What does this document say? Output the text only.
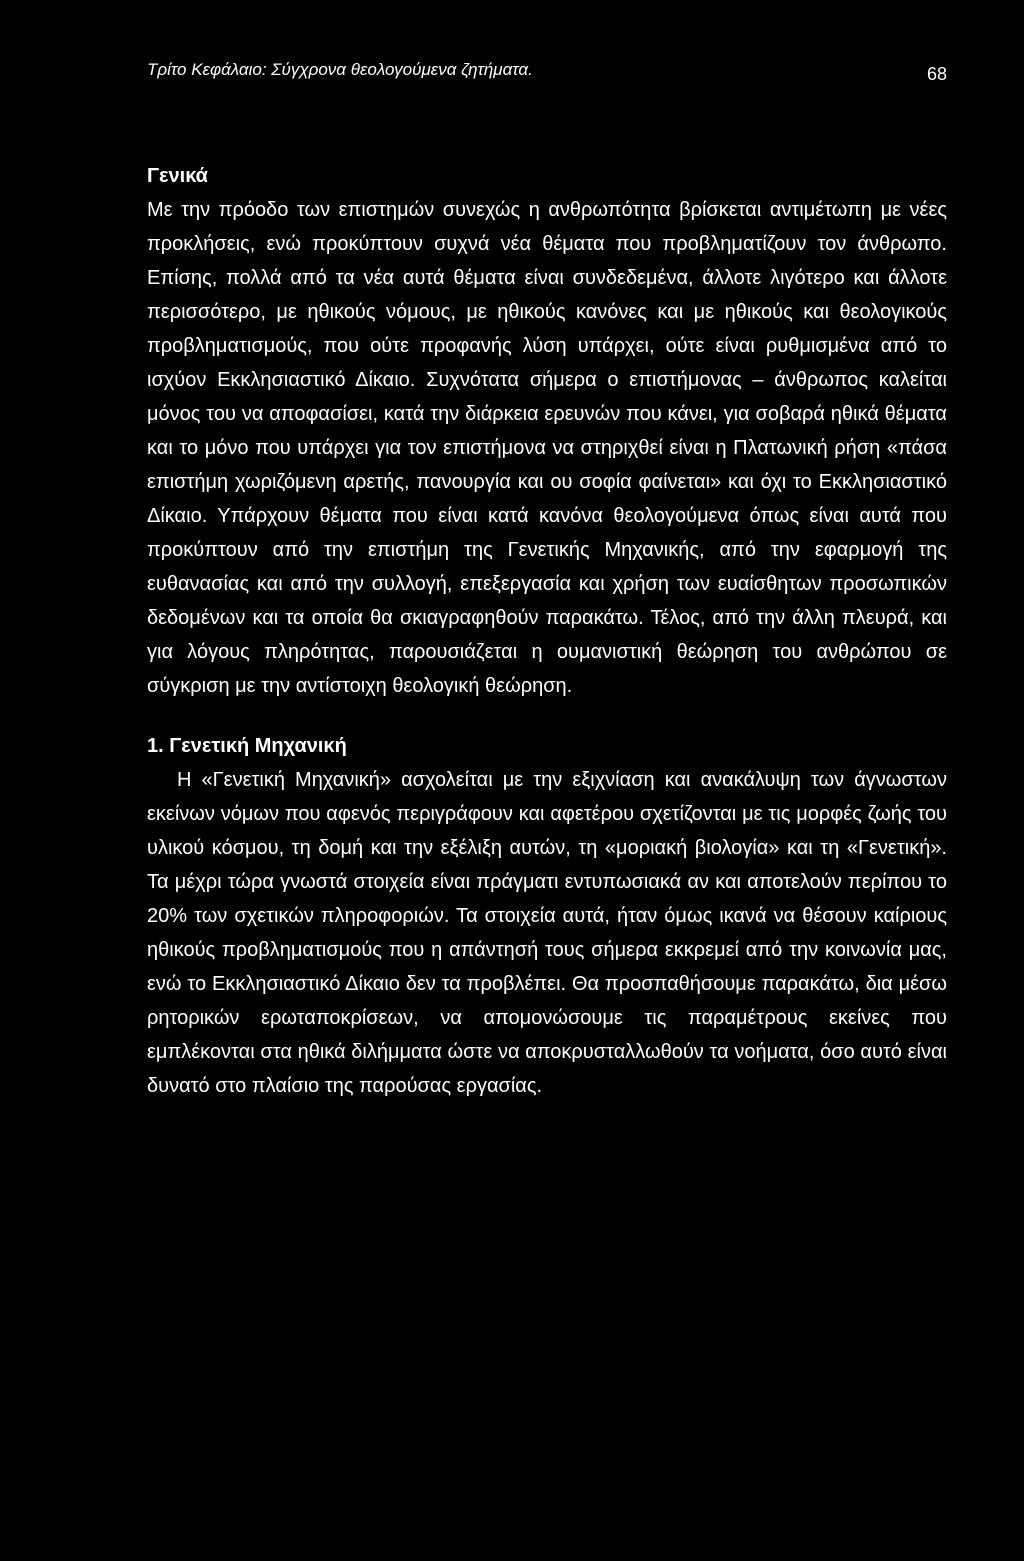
Τρίτο Κεφάλαιο: Σύγχρονα θεολογούμενα ζητήματα.	68
Γενικά

Με την πρόοδο των επιστημών συνεχώς η ανθρωπότητα βρίσκεται αντιμέτωπη με νέες προκλήσεις, ενώ προκύπτουν συχνά νέα θέματα που προβληματίζουν τον άνθρωπο. Επίσης, πολλά από τα νέα αυτά θέματα είναι συνδεδεμένα, άλλοτε λιγότερο και άλλοτε περισσότερο, με ηθικούς νόμους, με ηθικούς κανόνες και με ηθικούς και θεολογικούς προβληματισμούς, που ούτε προφανής λύση υπάρχει, ούτε είναι ρυθμισμένα από το ισχύον Εκκλησιαστικό Δίκαιο. Συχνότατα σήμερα ο επιστήμονας – άνθρωπος καλείται μόνος του να αποφασίσει, κατά την διάρκεια ερευνών που κάνει, για σοβαρά ηθικά θέματα και το μόνο που υπάρχει για τον επιστήμονα να στηριχθεί είναι η Πλατωνική ρήση «πάσα επιστήμη χωριζόμενη αρετής, πανουργία και ου σοφία φαίνεται» και όχι το Εκκλησιαστικό Δίκαιο. Υπάρχουν θέματα που είναι κατά κανόνα θεολογούμενα όπως είναι αυτά που προκύπτουν από την επιστήμη της Γενετικής Μηχανικής, από την εφαρμογή της ευθανασίας και από την συλλογή, επεξεργασία και χρήση των ευαίσθητων προσωπικών δεδομένων και τα οποία θα σκιαγραφηθούν παρακάτω. Τέλος, από την άλλη πλευρά, και για λόγους πληρότητας, παρουσιάζεται η ουμανιστική θεώρηση του ανθρώπου σε σύγκριση με την αντίστοιχη θεολογική θεώρηση.

1. Γενετική Μηχανική

Η «Γενετική Μηχανική» ασχολείται με την εξιχνίαση και ανακάλυψη των άγνωστων εκείνων νόμων που αφενός περιγράφουν και αφετέρου σχετίζονται με τις μορφές ζωής του υλικού κόσμου, τη δομή και την εξέλιξη αυτών, τη «μοριακή βιολογία» και τη «Γενετική». Τα μέχρι τώρα γνωστά στοιχεία είναι πράγματι εντυπωσιακά αν και αποτελούν περίπου το 20% των σχετικών πληροφοριών. Τα στοιχεία αυτά, ήταν όμως ικανά να θέσουν καίριους ηθικούς προβληματισμούς που η απάντησή τους σήμερα εκκρεμεί από την κοινωνία μας, ενώ το Εκκλησιαστικό Δίκαιο δεν τα προβλέπει. Θα προσπαθήσουμε παρακάτω, δια μέσω ρητορικών ερωταποκρίσεων, να απομονώσουμε τις παραμέτρους εκείνες που εμπλέκονται στα ηθικά διλήμματα ώστε να αποκρυσταλλωθούν τα νοήματα, όσο αυτό είναι δυνατό στο πλαίσιο της παρούσας εργασίας.
